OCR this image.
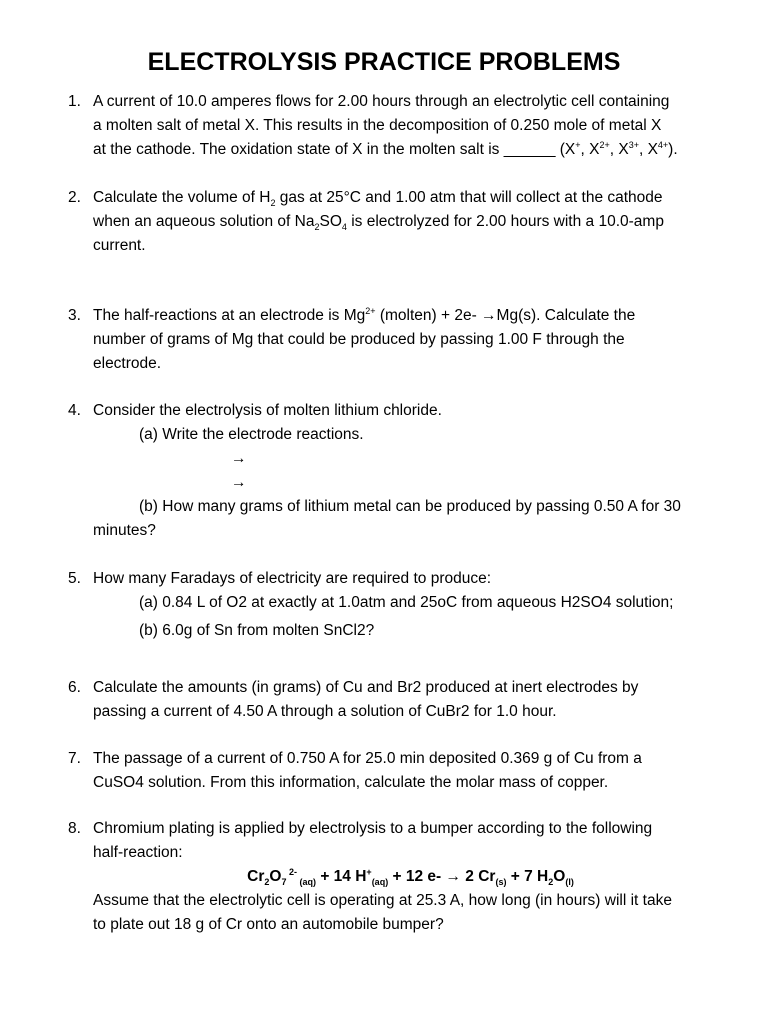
ELECTROLYSIS PRACTICE PROBLEMS
1. A current of 10.0 amperes flows for 2.00 hours through an electrolytic cell containing
a molten salt of metal X. This results in the decomposition of 0.250 mole of metal X
at the cathode. The oxidation state of X in the molten salt is ______ (X+, $X^{2+}$, $X^{3+}$, $X^{4+}$).
2. Calculate the volume of $H_2$ gas at 25°C and 1.00 atm that will collect at the cathode
when an aqueous solution of $Na_2SO_4$ is electrolyzed for 2.00 hours with a 10.0-amp
current.
3. The half-reactions at an electrode is $Mg^{2+}$ (molten) + 2e- →Mg(s). Calculate the
number of grams of Mg that could be produced by passing 1.00 F through the
electrode.
4. Consider the electrolysis of molten lithium chloride.
(a) Write the electrode reactions.
→
→
(b) How many grams of lithium metal can be produced by passing 0.50 A for 30
minutes?
5. How many Faradays of electricity are required to produce:
(a) 0.84 L of O2 at exactly at 1.0atm and 25oC from aqueous H2SO4 solution;
(b) 6.0g of Sn from molten SnCl2?
6. Calculate the amounts (in grams) of Cu and Br2 produced at inert electrodes by
passing a current of 4.50 A through a solution of CuBr2 for 1.0 hour.
7. The passage of a current of 0.750 A for 25.0 min deposited 0.369 g of Cu from a
CuSO4 solution. From this information, calculate the molar mass of copper.
8. Chromium plating is applied by electrolysis to a bumper according to the following
half-reaction:
$Cr_2O_7$ $^{2-}$ $_{(aq)}$ + 14 $H^+_{(aq)} + 12$ e- → 2 $Cr_{(s)} + 7$ $H_2O_{(l)}$
Assume that the electrolytic cell is operating at 25.3 A, how long (in hours) will it take
to plate out 18 g of Cr onto an automobile bumper?
